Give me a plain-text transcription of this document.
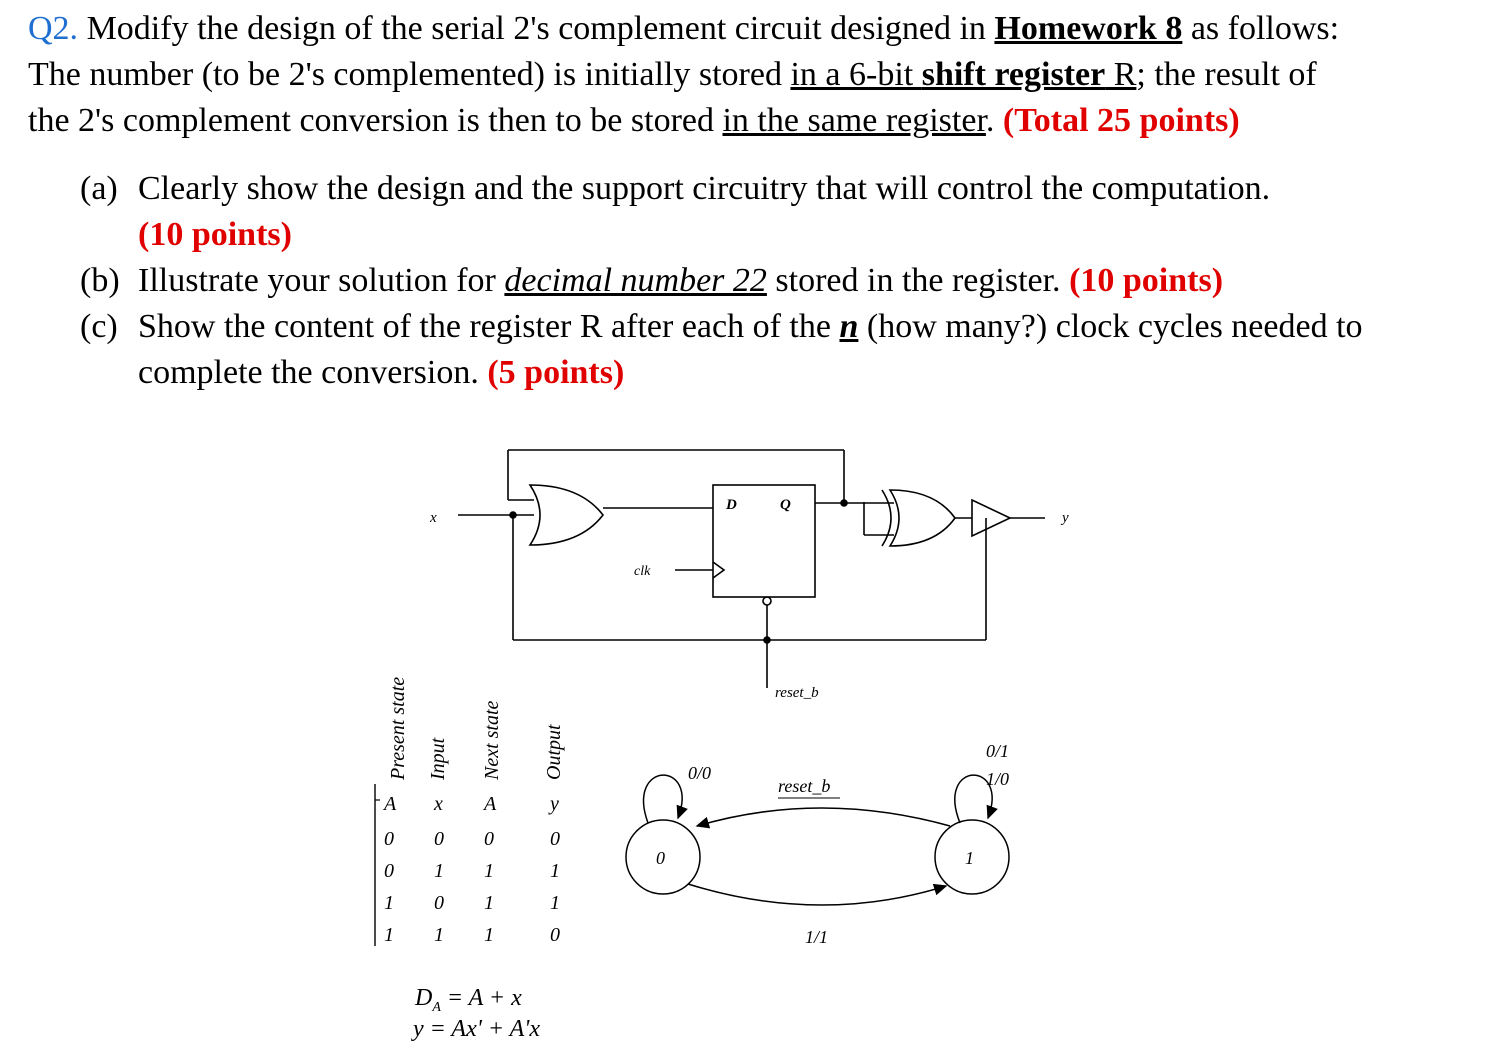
Q2. Modify the design of the serial 2's complement circuit designed in Homework 8 as follows:
The number (to be 2's complemented) is initially stored in a 6-bit shift register R; the result of
the 2's complement conversion is then to be stored in the same register. (Total 25 points)
(a) Clearly show the design and the support circuitry that will control the computation.
(10 points)
(b) Illustrate your solution for decimal number 22 stored in the register. (10 points)
(c) Show the content of the register R after each of the n (how many?) clock cycles needed to complete the conversion. (5 points)
x	y
clk
D	Q
reset_b
Present state Input Next state Output
A x A	y
0 0 0	0
0 1 1	1
1 0 1	1
1 1 1	0
$D_A = A + x$
y = Ax' + A'x
0	1
0/0
0/1
1/0
reset_b
1/1
